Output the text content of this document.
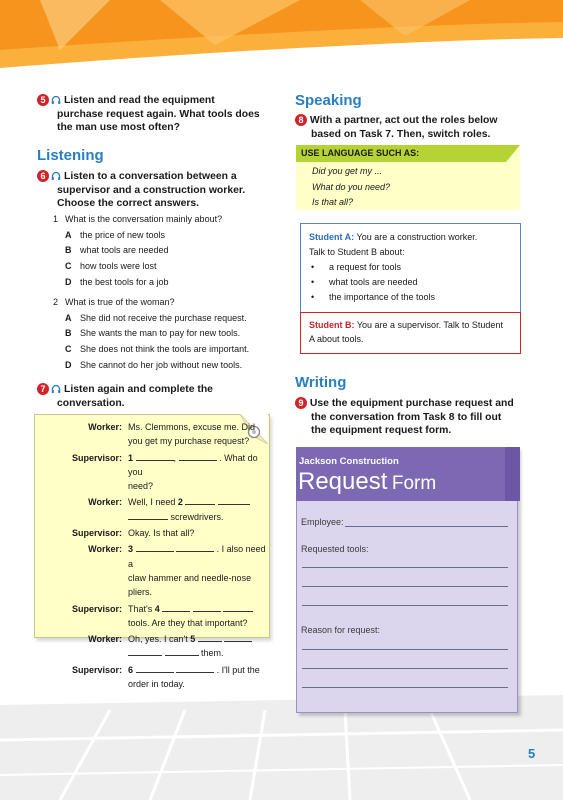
5 Listen and read the equipment
purchase request again. What tools does
the man use most often?
Listening
6 Listen to a conversation between a
supervisor and a construction worker.
Choose the correct answers.
1 What is the conversation mainly about?
A the price of new tools
B what tools are needed
C how tools were lost
D the best tools for a job
2 What is true of the woman?
A She did not receive the purchase request.
B She wants the man to pay for new tools.
C She does not think the tools are important.
D She cannot do her job without new tools.
7 Listen again and complete the
conversation.
Worker: Ms. Clemmons, excuse me. Did
you get my purchase request?
Supervisor: 1	,	. What do you
need?
Worker: Well, I need 2
screwdrivers.
Supervisor: Okay. Is that all?
Worker: 3	. I also need a
claw hammer and needle-nose pliers.
Supervisor: That's 4
tools. Are they that important?
Worker: Oh, yes. I can't 5
them.
Supervisor: 6	. I'll put the
order in today.
Speaking
8 With a partner, act out the roles below
based on Task 7. Then, switch roles.
USE LANGUAGE SUCH AS:
Did you get my ...
What do you need?
Is that all?
Student A: You are a construction worker.
Talk to Student B about:
•	a request for tools
•	what tools are needed
•	the importance of the tools
Student B: You are a supervisor. Talk to Student
A about tools.
Writing
9 Use the equipment purchase request and
the conversation from Task 8 to fill out
the equipment request form.
Jackson Construction
Request Form
Employee:
Requested tools:
Reason for request:
5
